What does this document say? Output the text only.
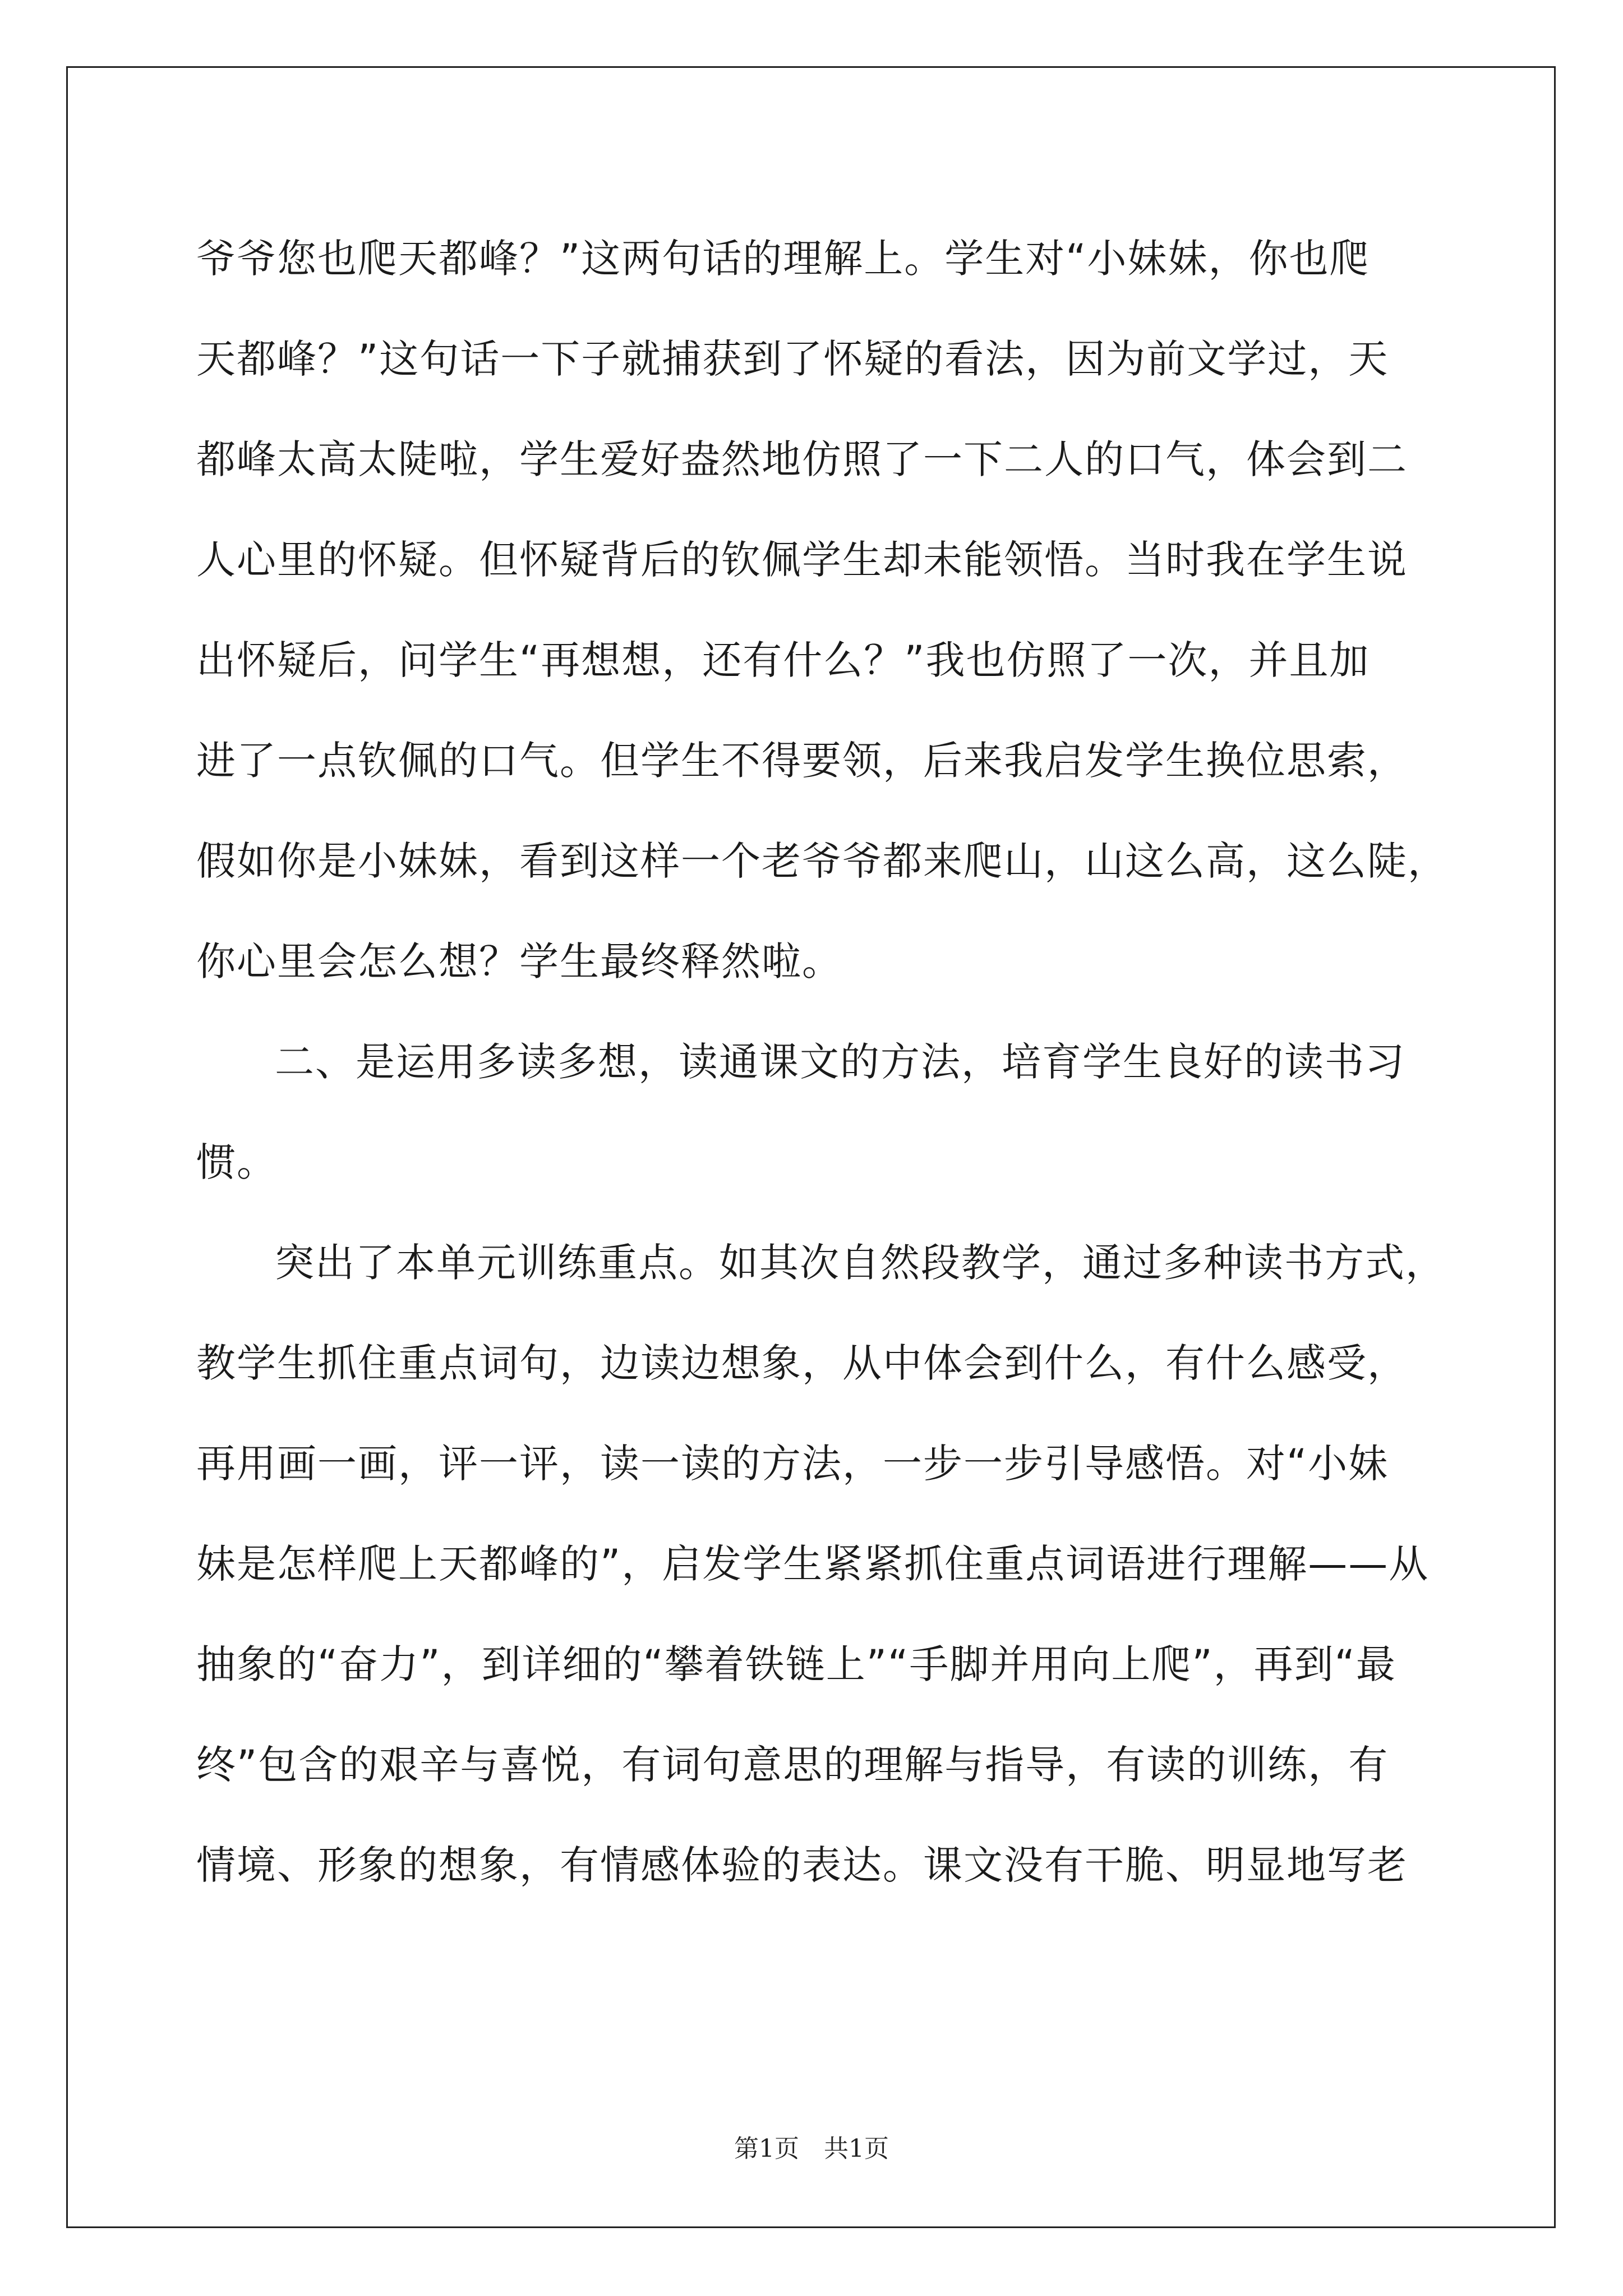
爷爷您也爬天都峰？”这两句话的理解上。学生对“小妹妹，你也爬
天都峰？”这句话一下子就捕获到了怀疑的看法，因为前文学过，天
都峰太高太陡啦，学生爱好盎然地仿照了一下二人的口气，体会到二
人心里的怀疑。但怀疑背后的钦佩学生却未能领悟。当时我在学生说
出怀疑后，问学生“再想想，还有什么？”我也仿照了一次，并且加
进了一点钦佩的口气。但学生不得要领，后来我启发学生换位思索，
假如你是小妹妹，看到这样一个老爷爷都来爬山，山这么高，这么陡，
你心里会怎么想？学生最终释然啦。
二、是运用多读多想，读通课文的方法，培育学生良好的读书习
惯。
突出了本单元训练重点。如其次自然段教学，通过多种读书方式，
教学生抓住重点词句，边读边想象，从中体会到什么，有什么感受，
再用画一画，评一评，读一读的方法，一步一步引导感悟。对“小妹
妹是怎样爬上天都峰的”，启发学生紧紧抓住重点词语进行理解——从
抽象的“奋力”，到详细的“攀着铁链上”“手脚并用向上爬”，再到“最
终”包含的艰辛与喜悦，有词句意思的理解与指导，有读的训练，有
情境、形象的想象，有情感体验的表达。课文没有干脆、明显地写老
第1页　共1页
